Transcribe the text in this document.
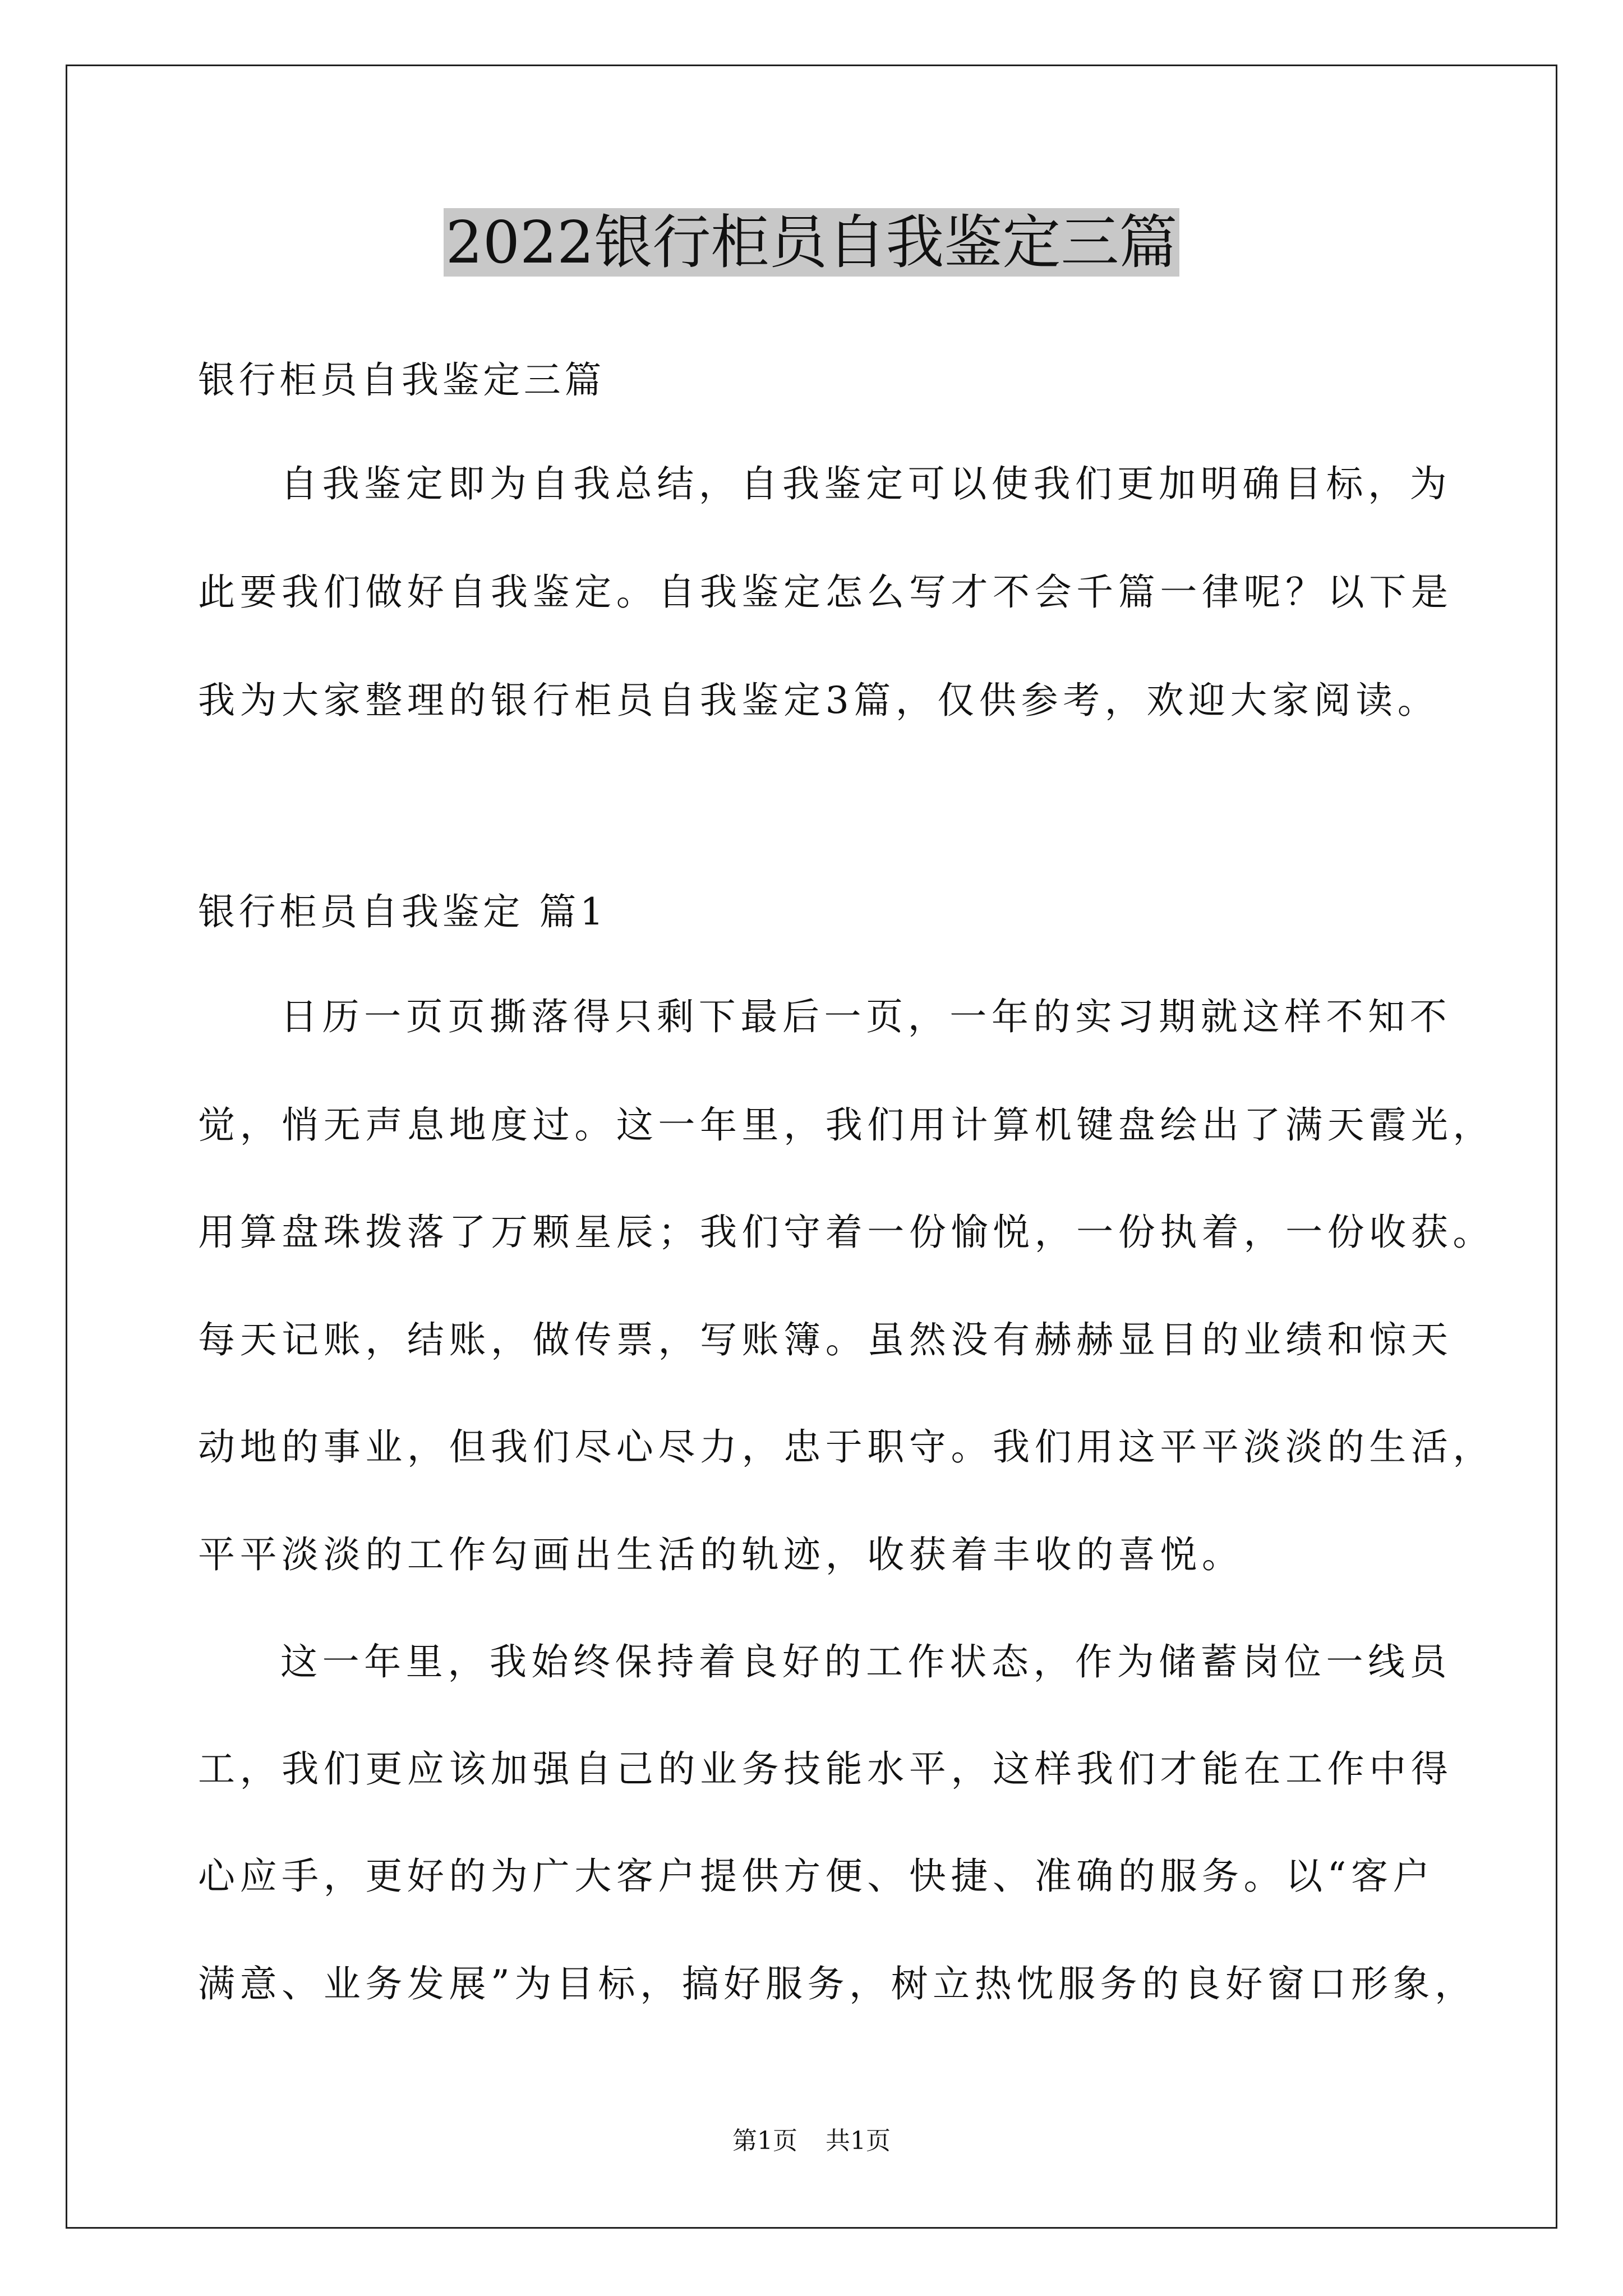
2022银行柜员自我鉴定三篇

银行柜员自我鉴定三篇

自我鉴定即为自我总结，自我鉴定可以使我们更加明确目标，为

此要我们做好自我鉴定。自我鉴定怎么写才不会千篇一律呢？以下是

我为大家整理的银行柜员自我鉴定3篇，仅供参考，欢迎大家阅读。

银行柜员自我鉴定 篇1

日历一页页撕落得只剩下最后一页，一年的实习期就这样不知不

觉，悄无声息地度过。这一年里，我们用计算机键盘绘出了满天霞光，

用算盘珠拨落了万颗星辰；我们守着一份愉悦，一份执着，一份收获。

每天记账，结账，做传票，写账簿。虽然没有赫赫显目的业绩和惊天

动地的事业，但我们尽心尽力，忠于职守。我们用这平平淡淡的生活，

平平淡淡的工作勾画出生活的轨迹，收获着丰收的喜悦。

这一年里，我始终保持着良好的工作状态，作为储蓄岗位一线员

工，我们更应该加强自己的业务技能水平，这样我们才能在工作中得

心应手，更好的为广大客户提供方便、快捷、准确的服务。以“客户

满意、业务发展”为目标，搞好服务，树立热忱服务的良好窗口形象，

第1页 共1页
